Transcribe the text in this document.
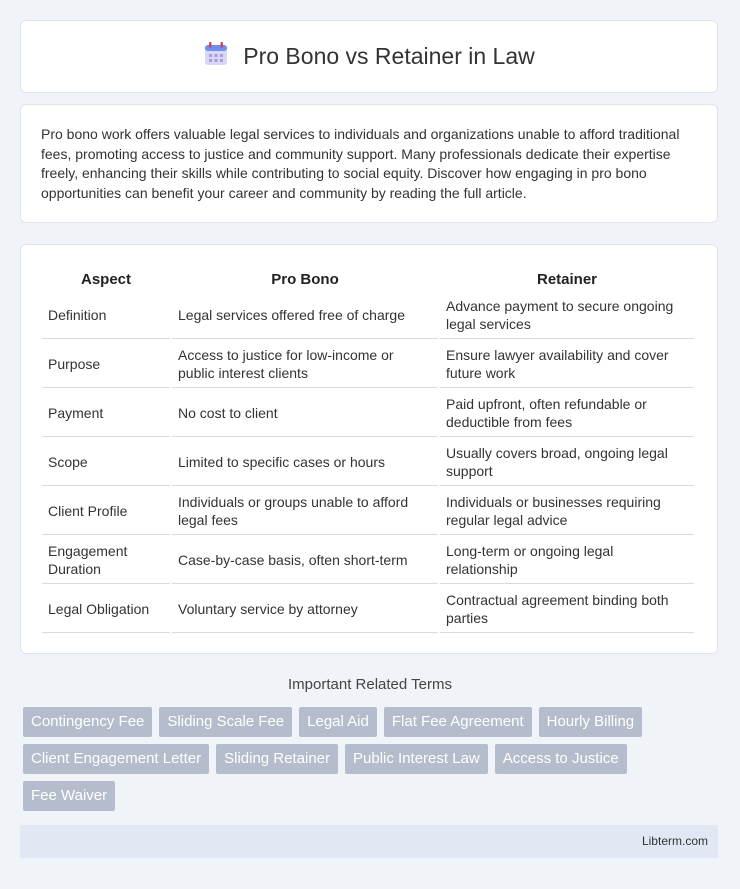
Pro Bono vs Retainer in Law

Pro bono work offers valuable legal services to individuals and organizations unable to afford traditional fees, promoting access to justice and community support. Many professionals dedicate their expertise freely, enhancing their skills while contributing to social equity. Discover how engaging in pro bono opportunities can benefit your career and community by reading the full article.

Aspect	Pro Bono	Retainer
Definition	Legal services offered free of charge	Advance payment to secure ongoing legal services
Purpose	Access to justice for low-income or public interest clients	Ensure lawyer availability and cover future work
Payment	No cost to client	Paid upfront, often refundable or deductible from fees
Scope	Limited to specific cases or hours	Usually covers broad, ongoing legal support
Client Profile	Individuals or groups unable to afford legal fees	Individuals or businesses requiring regular legal advice
Engagement Duration	Case-by-case basis, often short-term	Long-term or ongoing legal relationship
Legal Obligation	Voluntary service by attorney	Contractual agreement binding both parties
Important Related Terms
Contingency Fee	Sliding Scale Fee	Legal Aid	Flat Fee Agreement	Hourly Billing
Client Engagement Letter	Sliding Retainer	Public Interest Law	Access to Justice
Fee Waiver
Libterm.com
